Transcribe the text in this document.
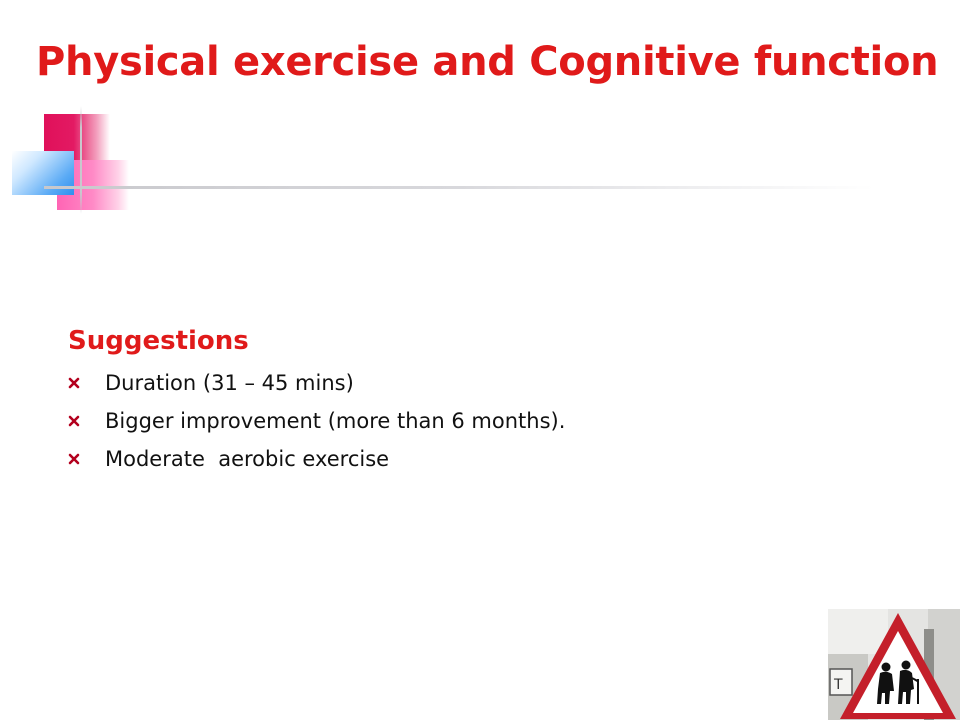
Physical exercise and Cognitive function
Suggestions

Duration (31 – 45 mins)

Bigger improvement (more than 6 months).

Moderate  aerobic exercise

T
